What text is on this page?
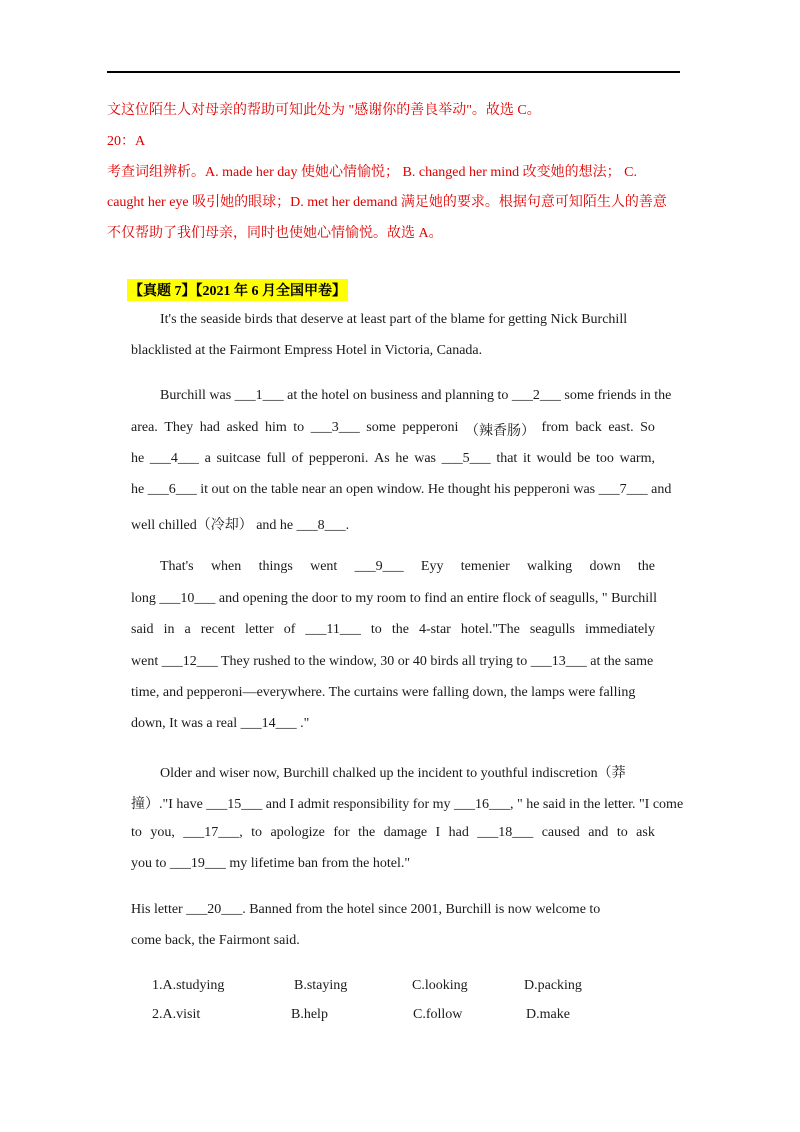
文这位陌生人对母亲的帮助可知此处为 "感谢你的善良举动"。故选 C。
20：A
考查词组辨析。A. made her day 使她心情愉悦； B. changed her mind 改变她的想法； C.
caught her eye 吸引她的眼球；D. met her demand 满足她的要求。根据句意可知陌生人的善意
不仅帮助了我们母亲，同时也使她心情愉悦。故选 A。
【真题 7】【2021 年 6 月全国甲卷】
It's the seaside birds that deserve at least part of the blame for getting Nick Burchill
blacklisted at the Fairmont Empress Hotel in Victoria, Canada.
Burchill was ___1___ at the hotel on business and planning to ___2___ some friends in the
area. They had asked him to ___3___ some pepperoni （辣香肠） from back east. So
he ___4___ a suitcase full of pepperoni. As he was ___5___ that it would be too warm,
he ___6___ it out on the table near an open window. He thought his pepperoni was ___7___ and
well chilled（冷却） and he ___8___.
That's when things went ___9___ Eyy temenier walking down the
long ___10___ and opening the door to my room to find an entire flock of seagulls, " Burchill
said in a recent letter of ___11___ to the 4-star hotel."The seagulls immediately
went ___12___ They rushed to the window, 30 or 40 birds all trying to ___13___ at the same
time, and pepperoni—everywhere. The curtains were falling down, the lamps were falling
down, It was a real ___14___ ."
Older and wiser now, Burchill chalked up the incident to youthful indiscretion（莽
撞）."I have ___15___ and I admit responsibility for my ___16___, " he said in the letter. "I come
to you, ___17___, to apologize for the damage I had ___18___ caused and to ask
you to ___19___ my lifetime ban from the hotel."
His letter ___20___. Banned from the hotel since 2001, Burchill is now welcome to
come back, the Fairmont said.
1.A.studying	B.staying	C.looking	D.packing
2.A.visit	B.help	C.follow	D.make
